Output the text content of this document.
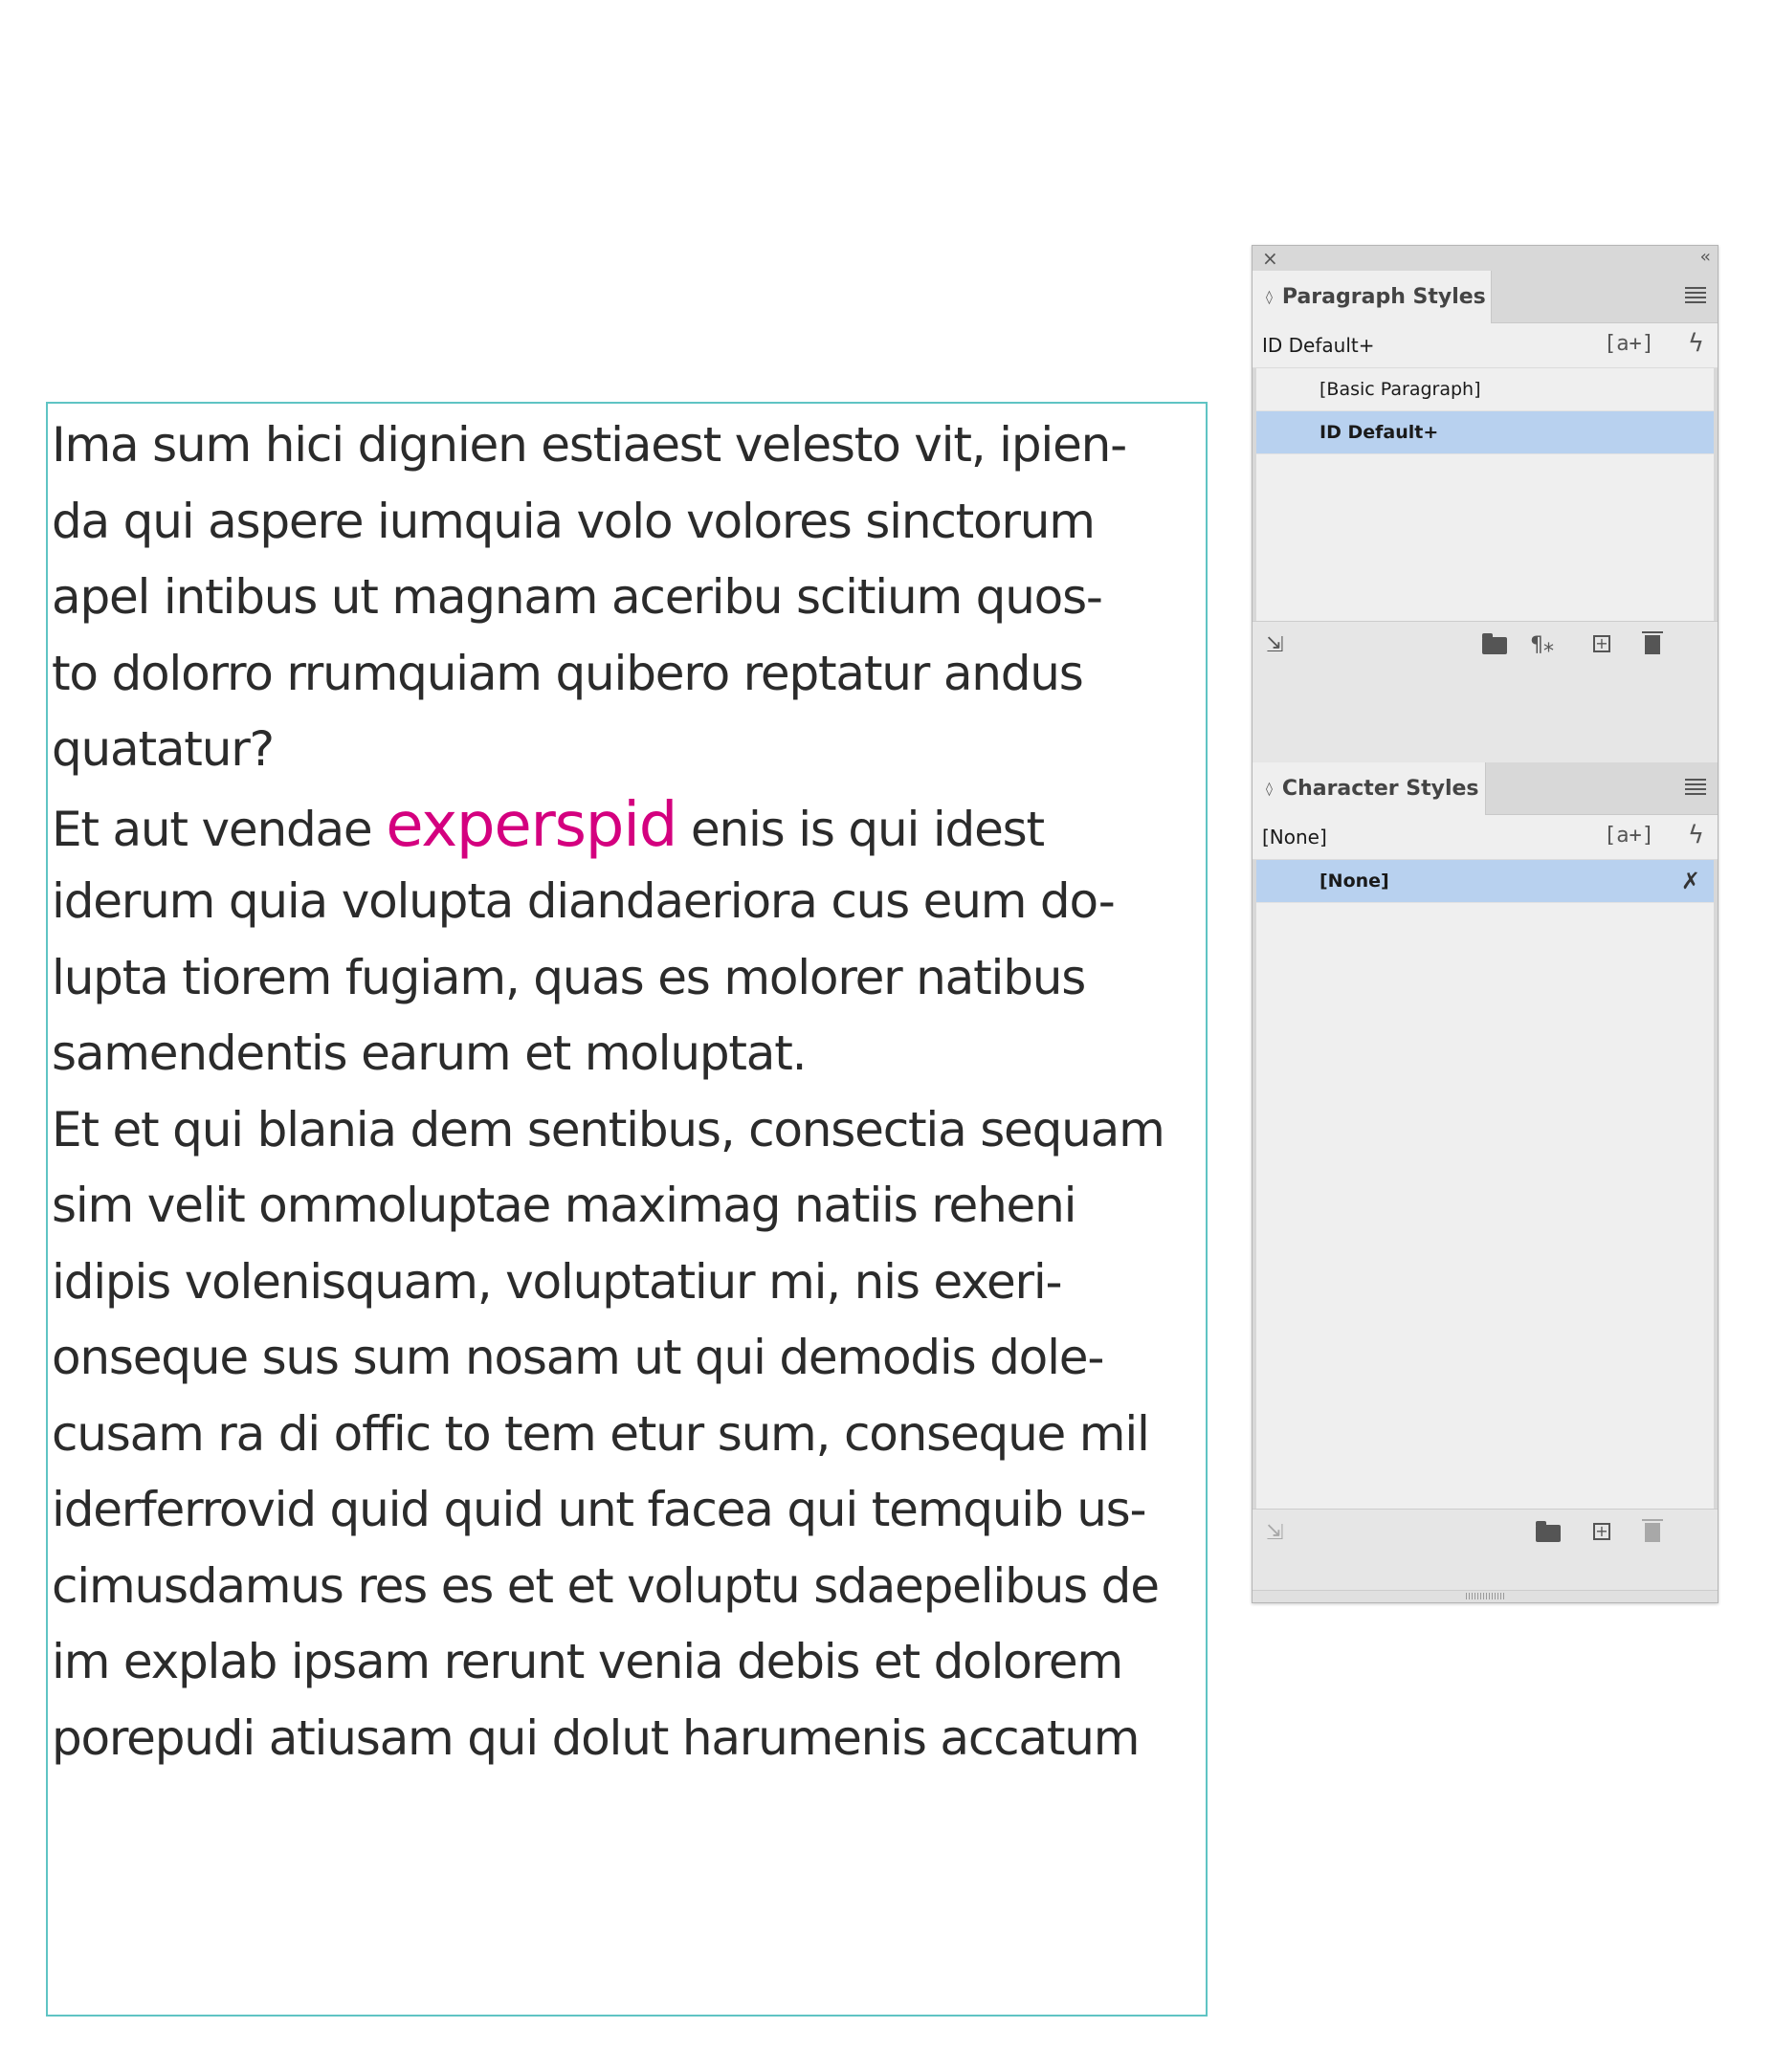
Ima sum hici dignien estiaest velesto vit, ipien-
da qui aspere iumquia volo volores sinctorum
apel intibus ut magnam aceribu scitium quos-
to dolorro rrumquiam quibero reptatur andus
quatatur?
Et aut vendae experspid enis is qui idest
iderum quia volupta diandaeriora cus eum do-
lupta tiorem fugiam, quas es molorer natibus
samendentis earum et moluptat.
Et et qui blania dem sentibus, consectia sequam
sim velit ommoluptae maximag natiis reheni
idipis volenisquam, voluptatiur mi, nis exeri-
onseque sus sum nosam ut qui demodis dole-
cusam ra di offic to tem etur sum, conseque mil
iderferrovid quid quid unt facea qui temquib us-
cimusdamus res es et et voluptu sdaepelibus de
im explab ipsam rerunt venia debis et dolorem
porepudi atiusam qui dolut harumenis accatum
×	‹‹
◊ Paragraph Styles
ID Default+	[a+] ϟ
[Basic Paragraph]
ID Default+
⇲	¶⁎	+
◊ Character Styles
[None]	[a+] ϟ
[None]	✗
⇲	+
